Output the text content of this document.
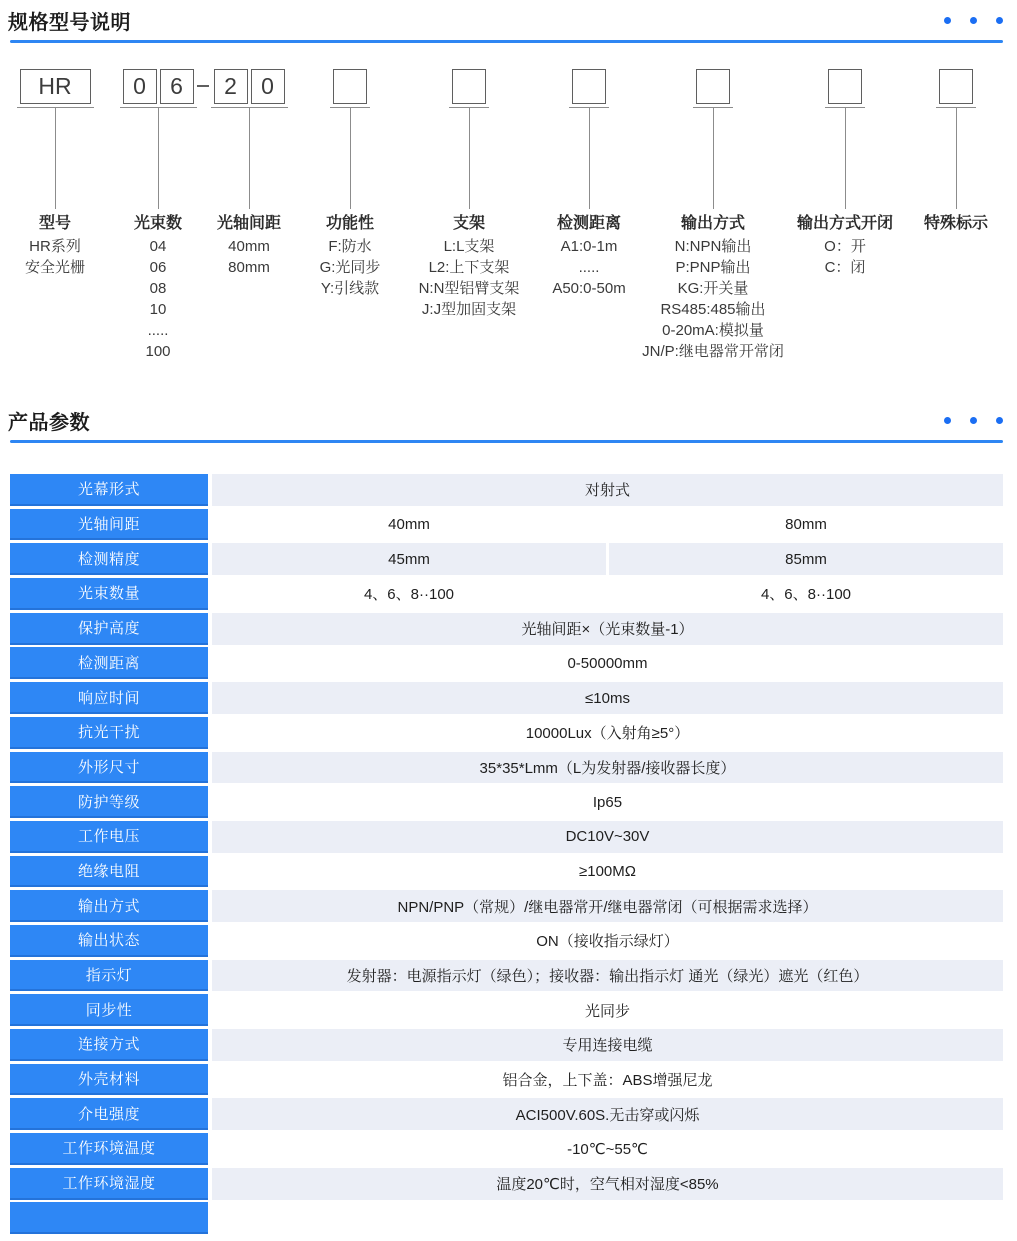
规格型号说明
HR
型号
HR系列
安全光栅
0	6
光束数
04
06
08
10
.....
100
2	0
光轴间距
40mm
80mm
功能性
F:防水
G:光同步
Y:引线款
支架
L:L支架
L2:上下支架
N:N型铝臂支架
J:J型加固支架
检测距离
A1:0-1m
.....
A50:0-50m
输出方式
N:NPN输出
P:PNP输出
KG:开关量
RS485:485输出
0-20mA:模拟量
JN/P:继电器常开常闭
输出方式开闭
O：开
C：闭
特殊标示
产品参数
光幕形式	对射式
光轴间距	40mm	80mm
检测精度	45mm	85mm
光束数量	4、6、8··100	4、6、8··100
保护高度	光轴间距×（光束数量-1）
检测距离	0-50000mm
响应时间	≤10ms
抗光干扰	10000Lux（入射角≥5°）
外形尺寸	35*35*Lmm（L为发射器/接收器长度）
防护等级	Ip65
工作电压	DC10V~30V
绝缘电阻	≥100MΩ
输出方式	NPN/PNP（常规）/继电器常开/继电器常闭（可根据需求选择）
输出状态	ON（接收指示绿灯）
指示灯	发射器：电源指示灯（绿色）；接收器：输出指示灯 通光（绿光）遮光（红色）
同步性	光同步
连接方式	专用连接电缆
外壳材料	铝合金，上下盖：ABS增强尼龙
介电强度	ACI500V.60S.无击穿或闪烁
工作环境温度	-10℃~55℃
工作环境湿度	温度20℃时，空气相对湿度<85%
